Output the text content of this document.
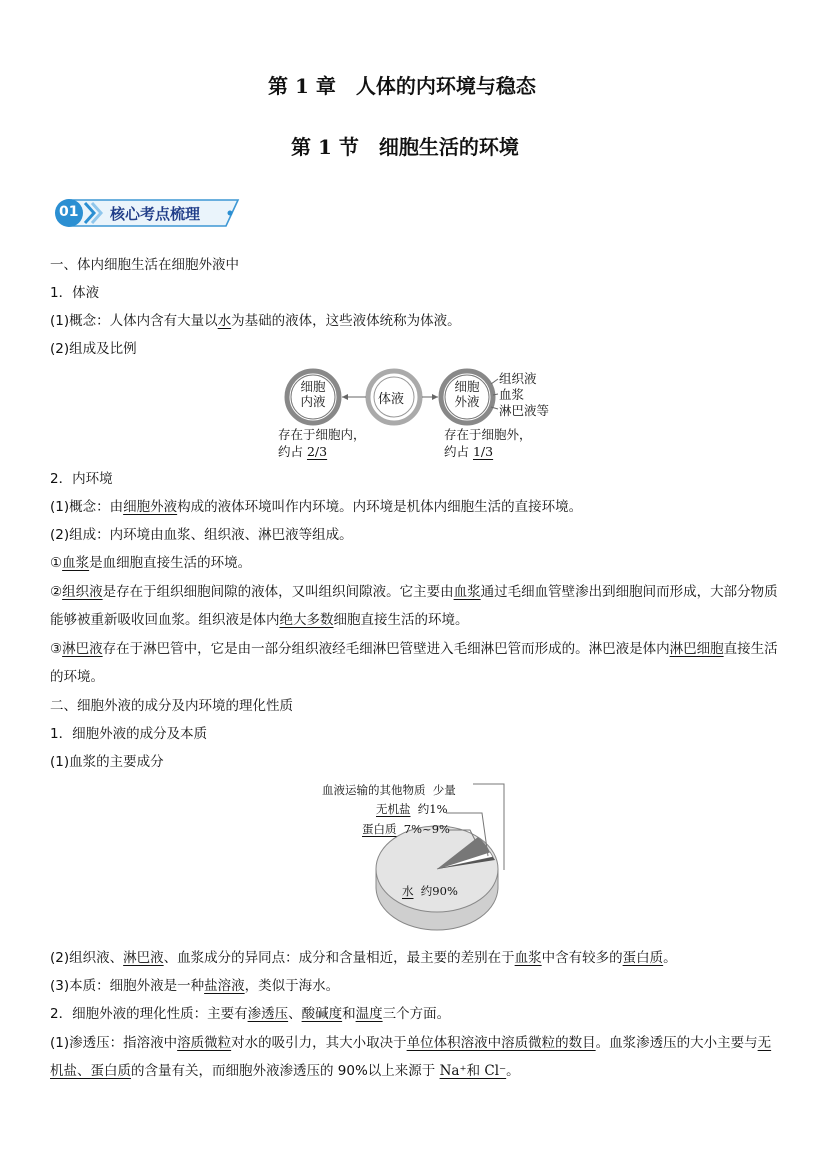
第 1 章　人体的内环境与稳态
第 1 节　细胞生活的环境
01 核心考点梳理
一、体内细胞生活在细胞外液中
1．体液
(1)概念：人体内含有大量以水为基础的液体，这些液体统称为体液。
(2)组成及比例
细胞
内液	体液
细胞
外液
组织液
血浆
淋巴液等
存在于细胞内，
约占 2/3
存在于细胞外，
约占 1/3
2．内环境
(1)概念：由细胞外液构成的液体环境叫作内环境。内环境是机体内细胞生活的直接环境。
(2)组成：内环境由血浆、组织液、淋巴液等组成。
①血浆是血细胞直接生活的环境。
②组织液是存在于组织细胞间隙的液体，又叫组织间隙液。它主要由血浆通过毛细血管壁渗出到细胞间而形成，大部分物质能够被重新吸收回血浆。组织液是体内绝大多数细胞直接生活的环境。
③淋巴液存在于淋巴管中，它是由一部分组织液经毛细淋巴管壁进入毛细淋巴管而形成的。淋巴液是体内淋巴细胞直接生活的环境。
二、细胞外液的成分及内环境的理化性质
1．细胞外液的成分及本质
(1)血浆的主要成分
血液运输的其他物质  少量
无机盐  约1%
蛋白质  7%~9%
水  约90%
(2)组织液、淋巴液、血浆成分的异同点：成分和含量相近，最主要的差别在于血浆中含有较多的蛋白质。
(3)本质：细胞外液是一种盐溶液，类似于海水。
2．细胞外液的理化性质：主要有渗透压、酸碱度和温度三个方面。
(1)渗透压：指溶液中溶质微粒对水的吸引力，其大小取决于单位体积溶液中溶质微粒的数目。血浆渗透压的大小主要与无机盐、蛋白质的含量有关，而细胞外液渗透压的 90%以上来源于 Na⁺和 Cl⁻。
